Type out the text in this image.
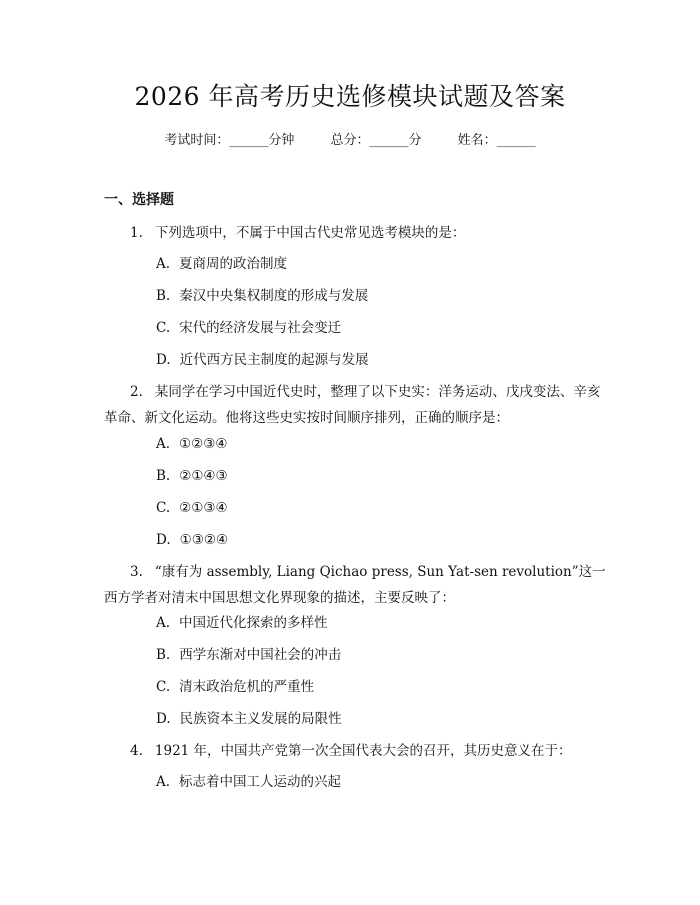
2026 年高考历史选修模块试题及答案
考试时间：______分钟	总分：______分	姓名：______
一、选择题
1. 下列选项中，不属于中国古代史常见选考模块的是：
A. 夏商周的政治制度
B. 秦汉中央集权制度的形成与发展
C. 宋代的经济发展与社会变迁
D. 近代西方民主制度的起源与发展
2. 某同学在学习中国近代史时，整理了以下史实：洋务运动、戊戌变法、辛亥革命、新文化运动。他将这些史实按时间顺序排列，正确的顺序是：
A. ①②③④
B. ②①④③
C. ②①③④
D. ①③②④
3. “康有为 assembly, Liang Qichao press, Sun Yat-sen revolution”这一西方学者对清末中国思想文化界现象的描述，主要反映了：
A. 中国近代化探索的多样性
B. 西学东渐对中国社会的冲击
C. 清末政治危机的严重性
D. 民族资本主义发展的局限性
4. 1921 年，中国共产党第一次全国代表大会的召开，其历史意义在于：
A. 标志着中国工人运动的兴起
